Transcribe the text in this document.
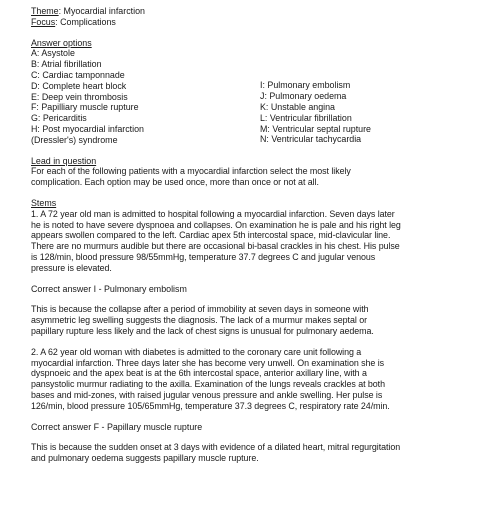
Theme: Myocardial infarction
Focus: Complications
Answer options
A: Asystole
B: Atrial fibrillation
C: Cardiac tamponnade
D: Complete heart block
E: Deep vein thrombosis
F: Papilliary muscle rupture
G: Pericarditis
H: Post myocardial infarction
(Dressler's) syndrome
I: Pulmonary embolism
J: Pulmonary oedema
K: Unstable angina
L: Ventricular fibrillation
M: Ventricular septal rupture
N: Ventricular tachycardia
Lead in question
For each of the following patients with a myocardial infarction select the most likely
complication. Each option may be used once, more than once or not at all.
Stems
1. A 72 year old man is admitted to hospital following a myocardial infarction. Seven days later
he is noted to have severe dyspnoea and collapses. On examination he is pale and his right leg
appears swollen compared to the left. Cardiac apex 5th intercostal space, mid-clavicular line.
There are no murmurs audible but there are occasional bi-basal crackles in his chest. His pulse
is 128/min, blood pressure 98/55mmHg, temperature 37.7 degrees C and jugular venous
pressure is elevated.
Correct answer I - Pulmonary embolism
This is because the collapse after a period of immobility at seven days in someone with
asymmetric leg swelling suggests the diagnosis. The lack of a murmur makes septal or
papillary rupture less likely and the lack of chest signs is unusual for pulmonary aedema.
2. A 62 year old woman with diabetes is admitted to the coronary care unit following a
myocardial infarction. Three days later she has become very unwell. On examination she is
dyspnoeic and the apex beat is at the 6th intercostal space, anterior axillary line, with a
pansystolic murmur radiating to the axilla. Examination of the lungs reveals crackles at both
bases and mid-zones, with raised jugular venous pressure and ankle swelling. Her pulse is
126/min, blood pressure 105/65mmHg, temperature 37.3 degrees C, respiratory rate 24/min.
Correct answer F - Papillary muscle rupture
This is because the sudden onset at 3 days with evidence of a dilated heart, mitral regurgitation
and pulmonary oedema suggests papillary muscle rupture.
